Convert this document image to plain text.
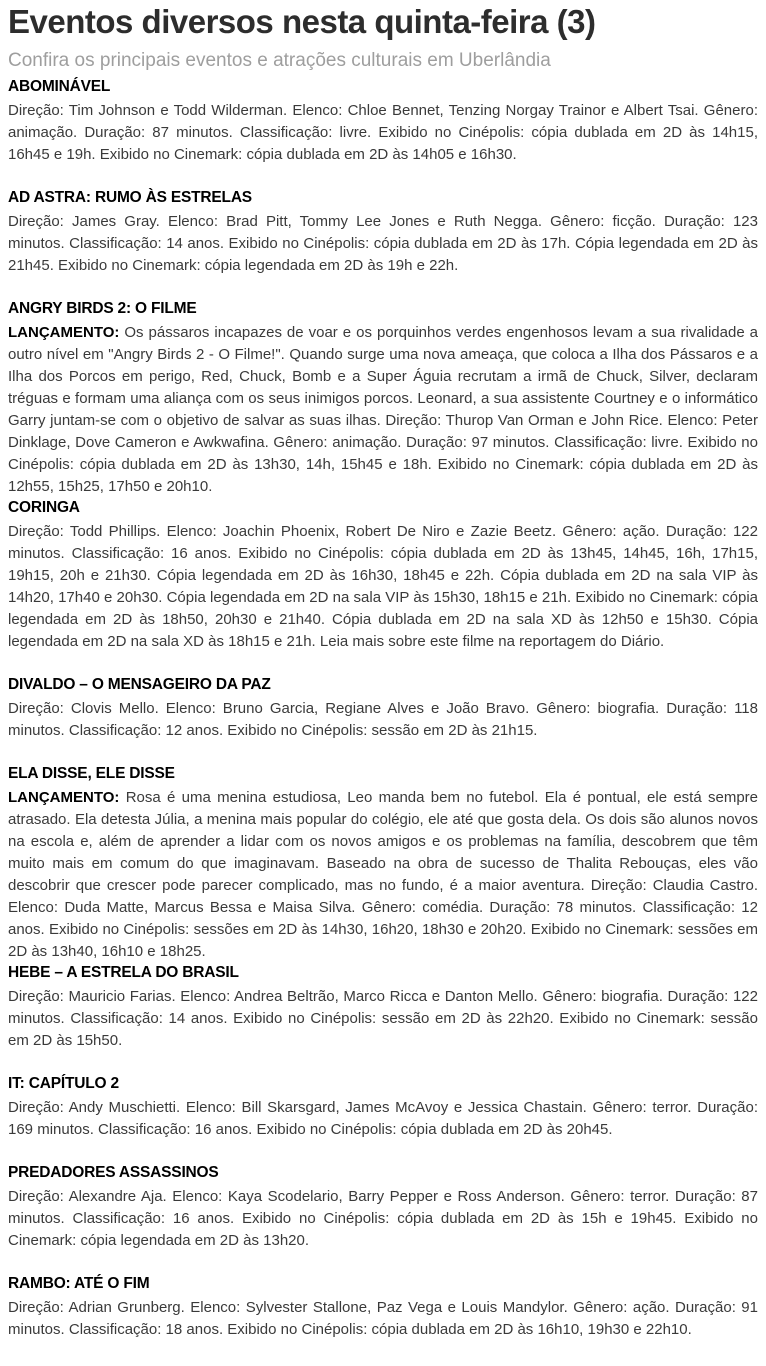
Eventos diversos nesta quinta-feira (3)

Confira os principais eventos e atrações culturais em Uberlândia

ABOMINÁVEL

Direção: Tim Johnson e Todd Wilderman. Elenco: Chloe Bennet, Tenzing Norgay Trainor e Albert Tsai. Gênero: animação. Duração: 87 minutos. Classificação: livre. Exibido no Cinépolis: cópia dublada em 2D às 14h15, 16h45 e 19h. Exibido no Cinemark: cópia dublada em 2D às 14h05 e 16h30.

AD ASTRA: RUMO ÀS ESTRELAS

Direção: James Gray. Elenco: Brad Pitt, Tommy Lee Jones e Ruth Negga. Gênero: ficção. Duração: 123 minutos. Classificação: 14 anos. Exibido no Cinépolis: cópia dublada em 2D às 17h. Cópia legendada em 2D às 21h45. Exibido no Cinemark: cópia legendada em 2D às 19h e 22h.

ANGRY BIRDS 2: O FILME

LANÇAMENTO: Os pássaros incapazes de voar e os porquinhos verdes engenhosos levam a sua rivalidade a outro nível em "Angry Birds 2 - O Filme!". Quando surge uma nova ameaça, que coloca a Ilha dos Pássaros e a Ilha dos Porcos em perigo, Red, Chuck, Bomb e a Super Águia recrutam a irmã de Chuck, Silver, declaram tréguas e formam uma aliança com os seus inimigos porcos. Leonard, a sua assistente Courtney e o informático Garry juntam-se com o objetivo de salvar as suas ilhas. Direção: Thurop Van Orman e John Rice. Elenco: Peter Dinklage, Dove Cameron e Awkwafina. Gênero: animação. Duração: 97 minutos. Classificação: livre. Exibido no Cinépolis: cópia dublada em 2D às 13h30, 14h, 15h45 e 18h. Exibido no Cinemark: cópia dublada em 2D às 12h55, 15h25, 17h50 e 20h10.

CORINGA

Direção: Todd Phillips. Elenco: Joachin Phoenix, Robert De Niro e Zazie Beetz. Gênero: ação. Duração: 122 minutos. Classificação: 16 anos. Exibido no Cinépolis: cópia dublada em 2D às 13h45, 14h45, 16h, 17h15, 19h15, 20h e 21h30. Cópia legendada em 2D às 16h30, 18h45 e 22h. Cópia dublada em 2D na sala VIP às 14h20, 17h40 e 20h30. Cópia legendada em 2D na sala VIP às 15h30, 18h15 e 21h. Exibido no Cinemark: cópia legendada em 2D às 18h50, 20h30 e 21h40. Cópia dublada em 2D na sala XD às 12h50 e 15h30. Cópia legendada em 2D na sala XD às 18h15 e 21h. Leia mais sobre este filme na reportagem do Diário.

DIVALDO – O MENSAGEIRO DA PAZ

Direção: Clovis Mello. Elenco: Bruno Garcia, Regiane Alves e João Bravo. Gênero: biografia. Duração: 118 minutos. Classificação: 12 anos. Exibido no Cinépolis: sessão em 2D às 21h15.

ELA DISSE, ELE DISSE

LANÇAMENTO: Rosa é uma menina estudiosa, Leo manda bem no futebol. Ela é pontual, ele está sempre atrasado. Ela detesta Júlia, a menina mais popular do colégio, ele até que gosta dela. Os dois são alunos novos na escola e, além de aprender a lidar com os novos amigos e os problemas na família, descobrem que têm muito mais em comum do que imaginavam. Baseado na obra de sucesso de Thalita Rebouças, eles vão descobrir que crescer pode parecer complicado, mas no fundo, é a maior aventura. Direção: Claudia Castro. Elenco: Duda Matte, Marcus Bessa e Maisa Silva. Gênero: comédia. Duração: 78 minutos. Classificação: 12 anos. Exibido no Cinépolis: sessões em 2D às 14h30, 16h20, 18h30 e 20h20. Exibido no Cinemark: sessões em 2D às 13h40, 16h10 e 18h25.

HEBE – A ESTRELA DO BRASIL

Direção: Mauricio Farias. Elenco: Andrea Beltrão, Marco Ricca e Danton Mello. Gênero: biografia. Duração: 122 minutos. Classificação: 14 anos. Exibido no Cinépolis: sessão em 2D às 22h20. Exibido no Cinemark: sessão em 2D às 15h50.

IT: CAPÍTULO 2

Direção: Andy Muschietti. Elenco: Bill Skarsgard, James McAvoy e Jessica Chastain. Gênero: terror. Duração: 169 minutos. Classificação: 16 anos. Exibido no Cinépolis: cópia dublada em 2D às 20h45.

PREDADORES ASSASSINOS

Direção: Alexandre Aja. Elenco: Kaya Scodelario, Barry Pepper e Ross Anderson. Gênero: terror. Duração: 87 minutos. Classificação: 16 anos. Exibido no Cinépolis: cópia dublada em 2D às 15h e 19h45. Exibido no Cinemark: cópia legendada em 2D às 13h20.

RAMBO: ATÉ O FIM

Direção: Adrian Grunberg. Elenco: Sylvester Stallone, Paz Vega e Louis Mandylor. Gênero: ação. Duração: 91 minutos. Classificação: 18 anos. Exibido no Cinépolis: cópia dublada em 2D às 16h10, 19h30 e 22h10.
